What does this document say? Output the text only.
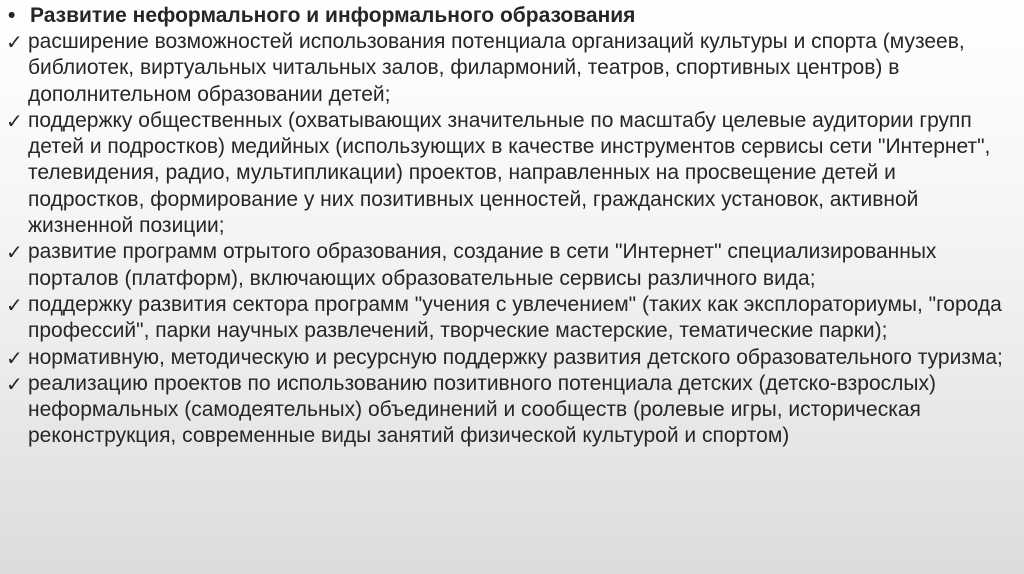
• Развитие неформального и информального образования
✓ расширение возможностей использования потенциала организаций культуры и спорта (музеев, библиотек, виртуальных читальных залов, филармоний, театров, спортивных центров) в дополнительном образовании детей;
✓ поддержку общественных (охватывающих значительные по масштабу целевые аудитории групп детей и подростков) медийных (использующих в качестве инструментов сервисы сети "Интернет", телевидения, радио, мультипликации) проектов, направленных на просвещение детей и подростков, формирование у них позитивных ценностей, гражданских установок, активной жизненной позиции;
✓ развитие программ отрытого образования, создание в сети "Интернет" специализированных порталов (платформ), включающих образовательные сервисы различного вида;
✓ поддержку развития сектора программ "учения с увлечением" (таких как эксплораториумы, "города профессий", парки научных развлечений, творческие мастерские, тематические парки);
✓ нормативную, методическую и ресурсную поддержку развития детского образовательного туризма;
✓ реализацию проектов по использованию позитивного потенциала детских (детско-взрослых) неформальных (самодеятельных) объединений и сообществ (ролевые игры, историческая реконструкция, современные виды занятий физической культурой и спортом)
